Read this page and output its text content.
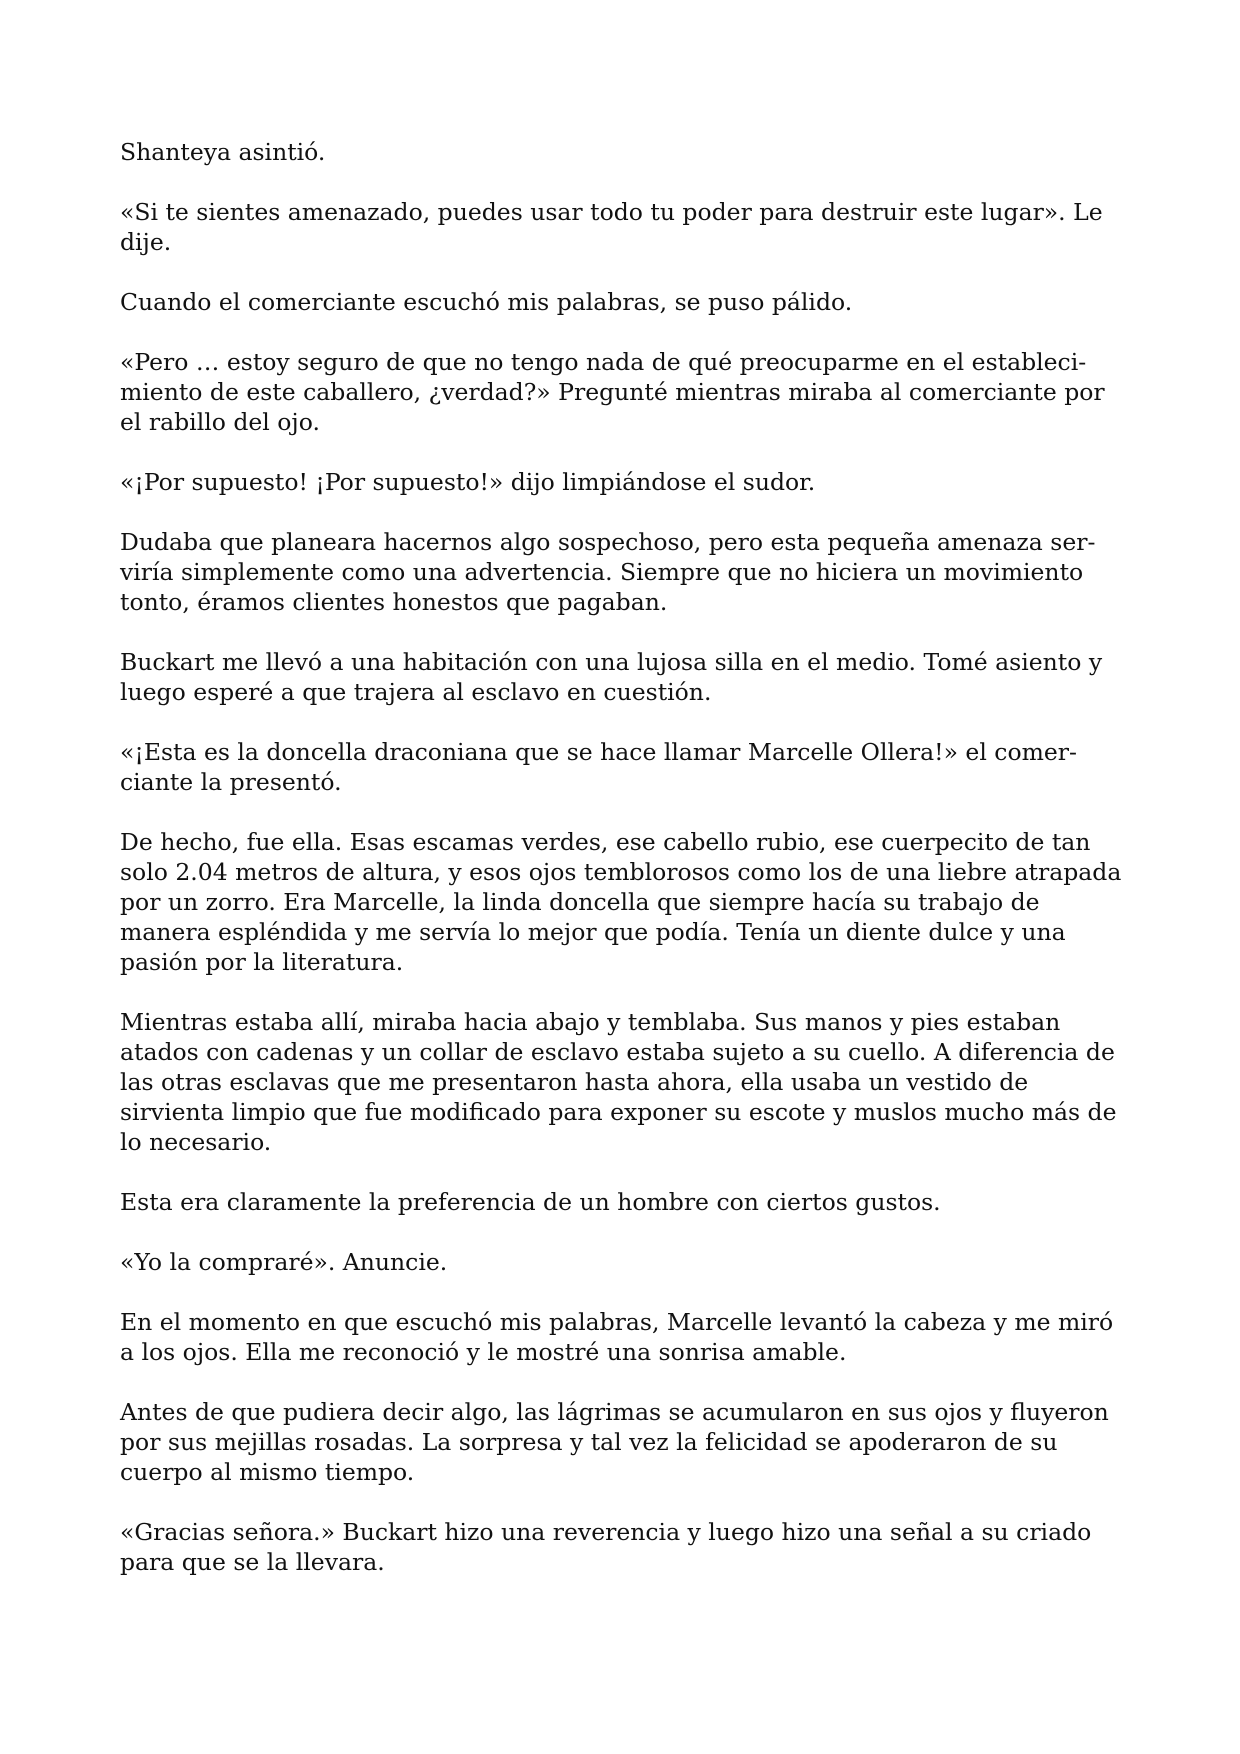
Shanteya asintió.

«Si te sientes amenazado, puedes usar todo tu poder para destruir este lugar». Le dije.

Cuando el comerciante escuchó mis palabras, se puso pálido.

«Pero … estoy seguro de que no tengo nada de qué preocuparme en el establecimiento de este caballero, ¿verdad?» Pregunté mientras miraba al comerciante por el rabillo del ojo.

«¡Por supuesto! ¡Por supuesto!» dijo limpiándose el sudor.

Dudaba que planeara hacernos algo sospechoso, pero esta pequeña amenaza serviría simplemente como una advertencia. Siempre que no hiciera un movimiento tonto, éramos clientes honestos que pagaban.

Buckart me llevó a una habitación con una lujosa silla en el medio. Tomé asiento y luego esperé a que trajera al esclavo en cuestión.

«¡Esta es la doncella draconiana que se hace llamar Marcelle Ollera!» el comerciante la presentó.

De hecho, fue ella. Esas escamas verdes, ese cabello rubio, ese cuerpecito de tan solo 2.04 metros de altura, y esos ojos temblorosos como los de una liebre atrapada por un zorro. Era Marcelle, la linda doncella que siempre hacía su trabajo de manera espléndida y me servía lo mejor que podía. Tenía un diente dulce y una pasión por la literatura.

Mientras estaba allí, miraba hacia abajo y temblaba. Sus manos y pies estaban atados con cadenas y un collar de esclavo estaba sujeto a su cuello. A diferencia de las otras esclavas que me presentaron hasta ahora, ella usaba un vestido de sirvienta limpio que fue modificado para exponer su escote y muslos mucho más de lo necesario.

Esta era claramente la preferencia de un hombre con ciertos gustos.

«Yo la compraré». Anuncie.

En el momento en que escuchó mis palabras, Marcelle levantó la cabeza y me miró a los ojos. Ella me reconoció y le mostré una sonrisa amable.

Antes de que pudiera decir algo, las lágrimas se acumularon en sus ojos y fluyeron por sus mejillas rosadas. La sorpresa y tal vez la felicidad se apoderaron de su cuerpo al mismo tiempo.

«Gracias señora.» Buckart hizo una reverencia y luego hizo una señal a su criado para que se la llevara.
